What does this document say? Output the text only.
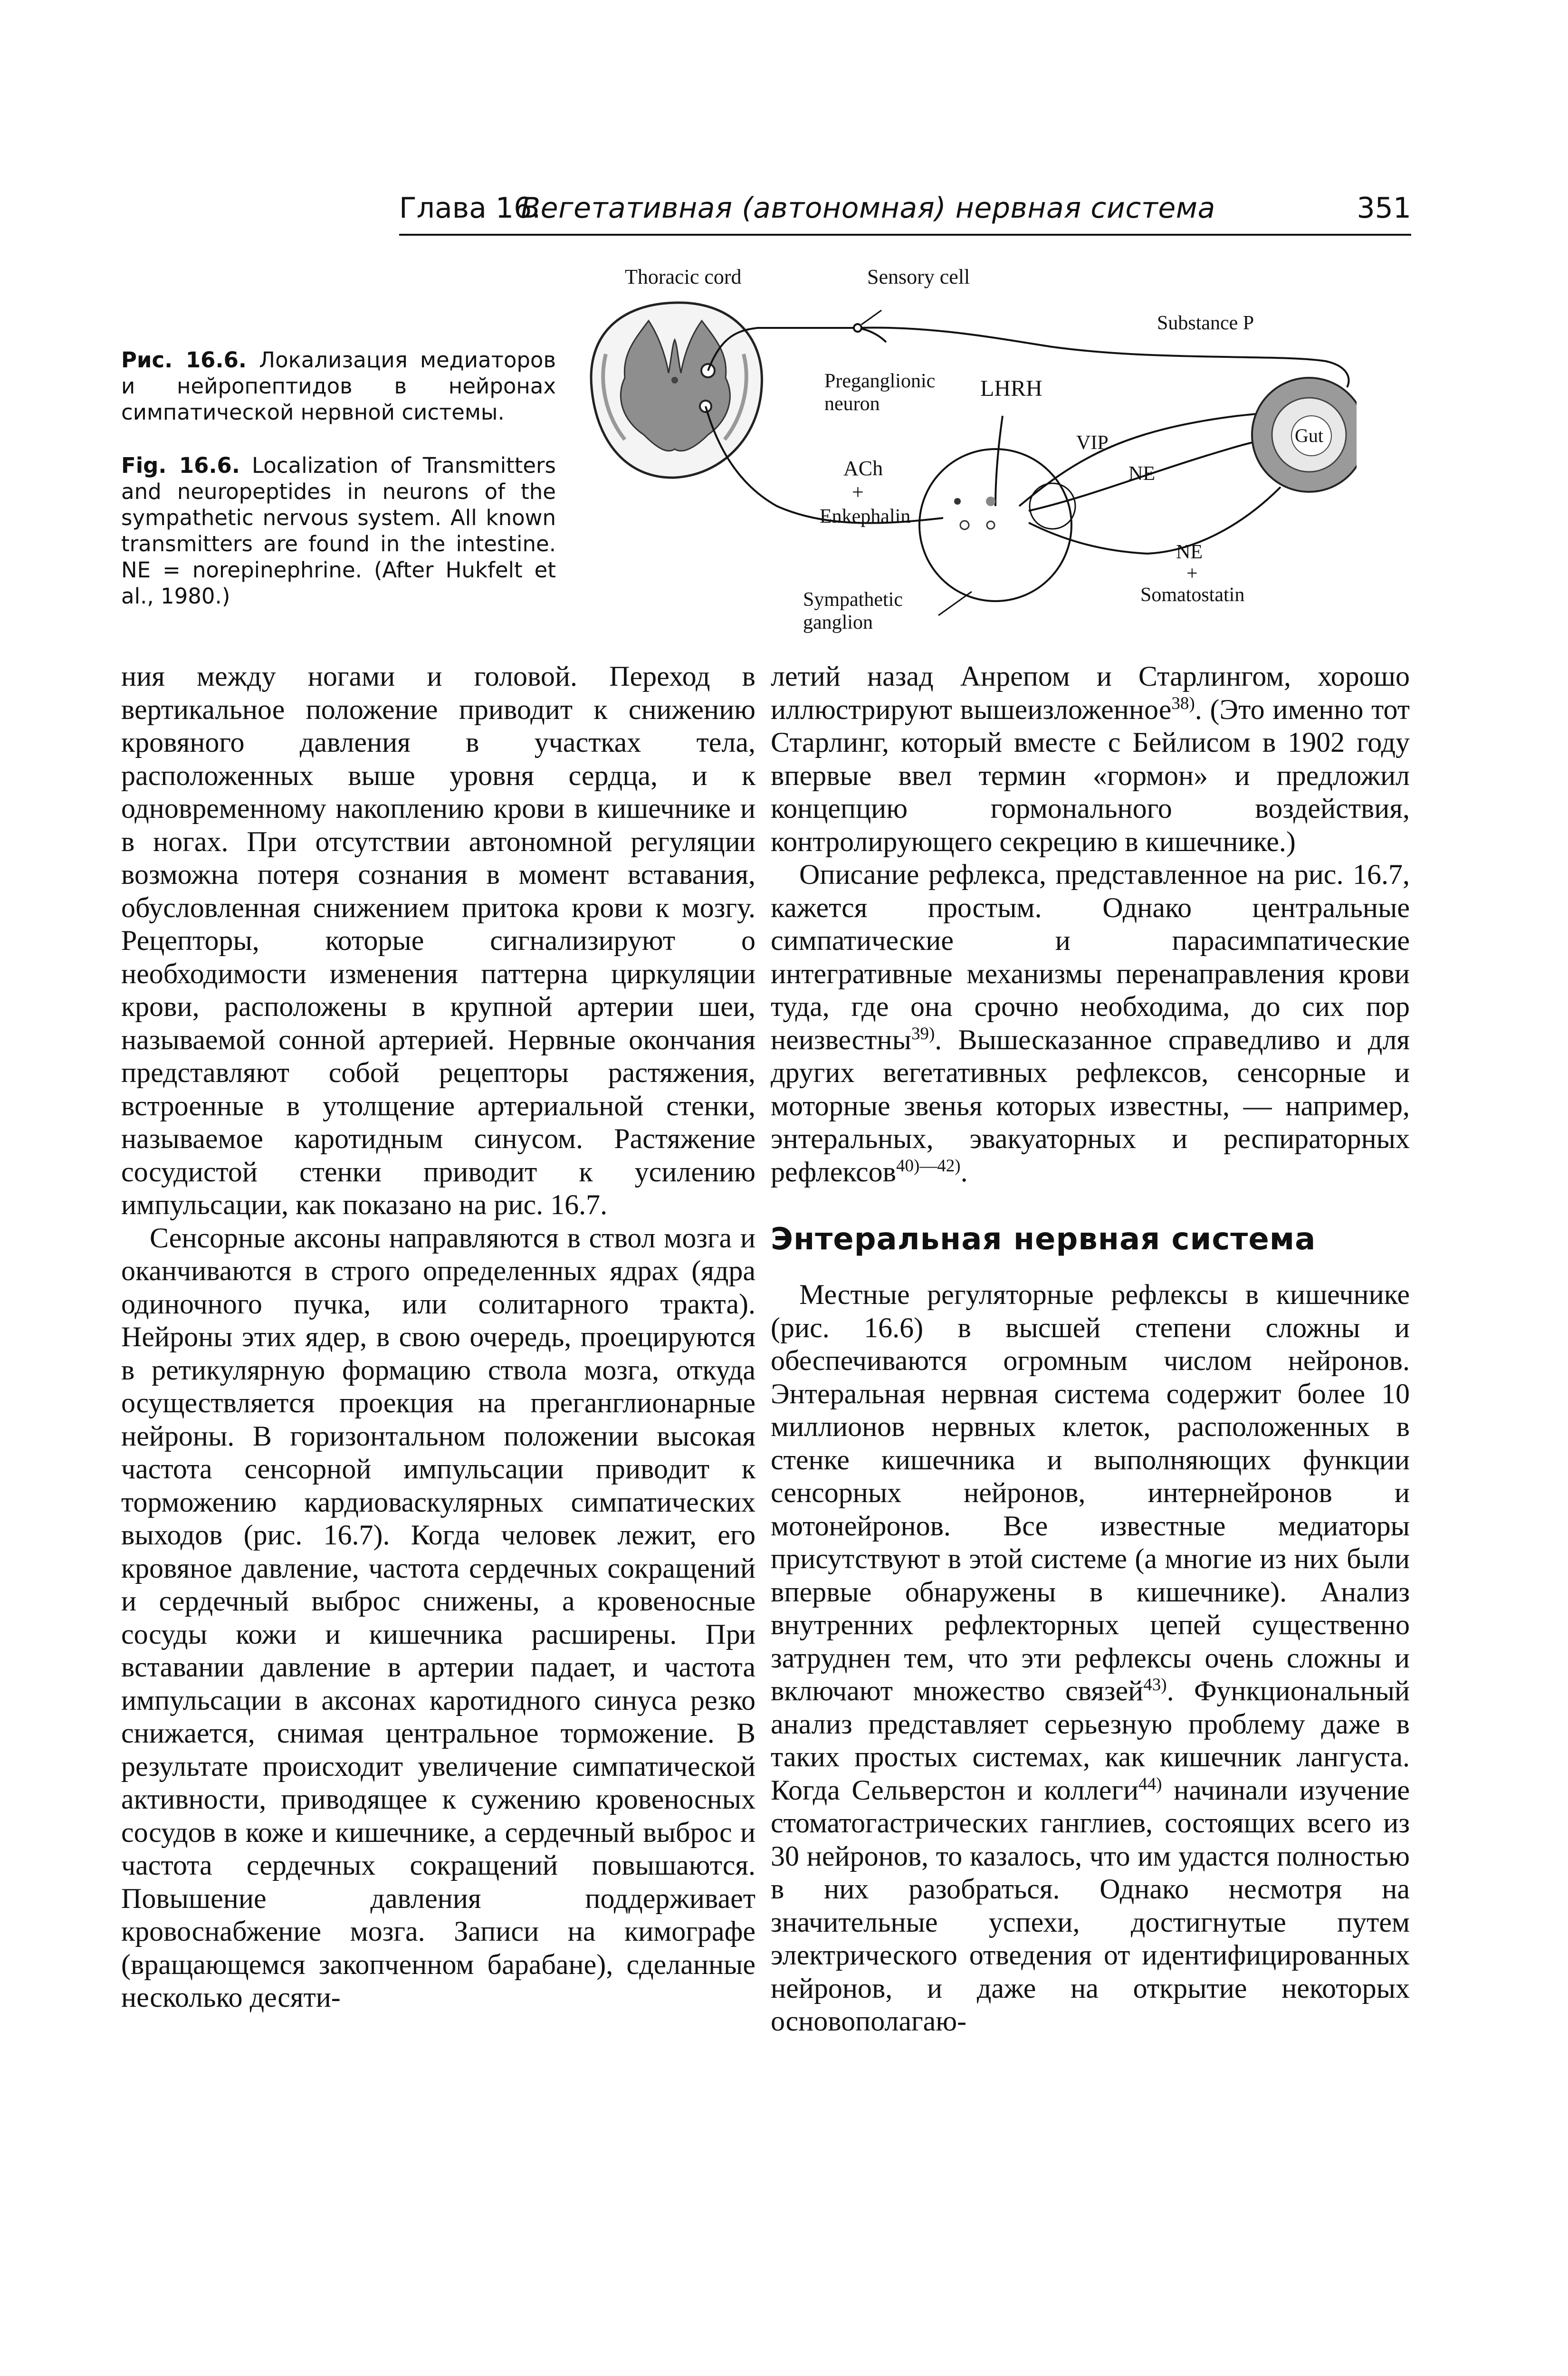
Глава 16.
Вегетативная (автономная) нервная система	351

Рис. 16.6. Локализация медиаторов и нейропептидов в нейронах симпатической нервной системы.

Fig. 16.6. Localization of Transmitters and neuropeptides in neurons of the sympathetic nervous system. All known transmitters are found in the intestine. NE = norepinephrine. (After Hukfelt et al., 1980.)

Thoracic cord	Sensory cell
Substance P
Preganglionic
neuron
LHRH
VIP
NE
Gut
ACh
+
Enkephalin
NE
+
Somatostatin
Sympathetic
ganglion

ния между ногами и головой. Переход в вертикальное положение приводит к снижению кровяного давления в участках тела, расположенных выше уровня сердца, и к одновременному накоплению крови в кишечнике и в ногах. При отсутствии автономной регуляции возможна потеря сознания в момент вставания, обусловленная снижением притока крови к мозгу. Рецепторы, которые сигнализируют о необходимости изменения паттерна циркуляции крови, расположены в крупной артерии шеи, называемой сонной артерией. Нервные окончания представляют собой рецепторы растяжения, встроенные в утолщение артериальной стенки, называемое каротидным синусом. Растяжение сосудистой стенки приводит к усилению импульсации, как показано на рис. 16.7.

Сенсорные аксоны направляются в ствол мозга и оканчиваются в строго определенных ядрах (ядра одиночного пучка, или солитарного тракта). Нейроны этих ядер, в свою очередь, проецируются в ретикулярную формацию ствола мозга, откуда осуществляется проекция на преганглионарные нейроны. В горизонтальном положении высокая частота сенсорной импульсации приводит к торможению кардиоваскулярных симпатических выходов (рис. 16.7). Когда человек лежит, его кровяное давление, частота сердечных сокращений и сердечный выброс снижены, а кровеносные сосуды кожи и кишечника расширены. При вставании давление в артерии падает, и частота импульсации в аксонах каротидного синуса резко снижается, снимая центральное торможение. В результате происходит увеличение симпатической активности, приводящее к сужению кровеносных сосудов в коже и кишечнике, а сердечный выброс и частота сердечных сокращений повышаются. Повышение давления поддерживает кровоснабжение мозга. Записи на кимографе (вращающемся закопченном барабане), сделанные несколько десяти-

летий назад Анрепом и Старлингом, хорошо иллюстрируют вышеизложенное$^{38)}$. (Это именно тот Старлинг, который вместе с Бейлисом в 1902 году впервые ввел термин «гормон» и предложил концепцию гормонального воздействия, контролирующего секрецию в кишечнике.)

Описание рефлекса, представленное на рис. 16.7, кажется простым. Однако центральные симпатические и парасимпатические интегративные механизмы перенаправления крови туда, где она срочно необходима, до сих пор неизвестны$^{39)}$. Вышесказанное справедливо и для других вегетативных рефлексов, сенсорные и моторные звенья которых известны, — например, энтеральных, эвакуаторных и респираторных рефлексов$^{40)—42)}$.

Энтеральная нервная система

Местные регуляторные рефлексы в кишечнике (рис. 16.6) в высшей степени сложны и обеспечиваются огромным числом нейронов. Энтеральная нервная система содержит более 10 миллионов нервных клеток, расположенных в стенке кишечника и выполняющих функции сенсорных нейронов, интернейронов и мотонейронов. Все известные медиаторы присутствуют в этой системе (а многие из них были впервые обнаружены в кишечнике). Анализ внутренних рефлекторных цепей существенно затруднен тем, что эти рефлексы очень сложны и включают множество связей$^{43)}$. Функциональный анализ представляет серьезную проблему даже в таких простых системах, как кишечник лангуста. Когда Сельверстон и коллеги$^{44)}$ начинали изучение стоматогастрических ганглиев, состоящих всего из 30 нейронов, то казалось, что им удастся полностью в них разобраться. Однако несмотря на значительные успехи, достигнутые путем электрического отведения от идентифицированных нейронов, и даже на открытие некоторых основополагаю-
